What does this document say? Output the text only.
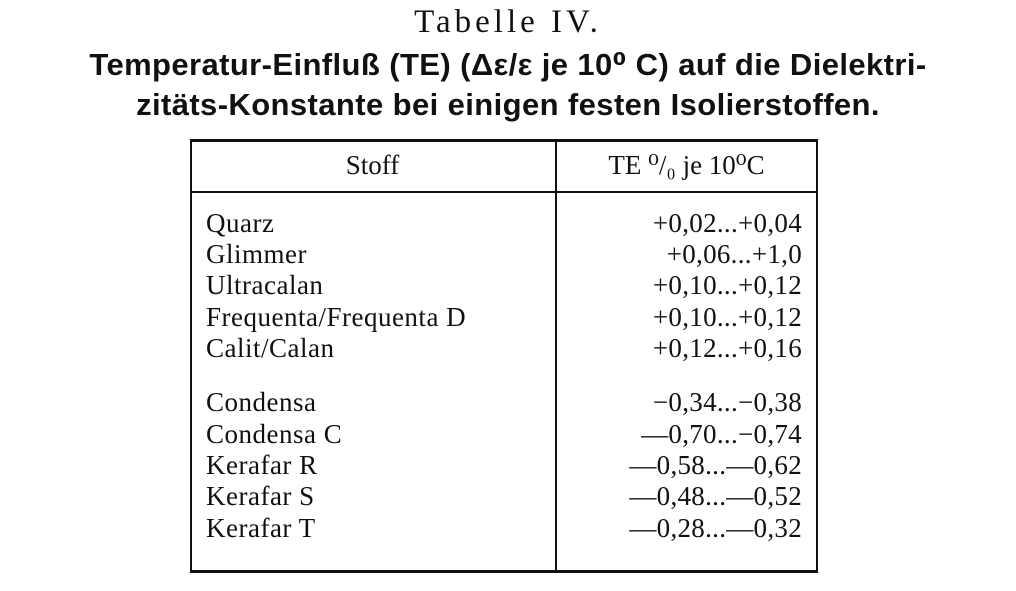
Tabelle IV.
Temperatur-Einfluß (TE) (Δε/ε je 10⁰ C) auf die Dielektri-
zitäts-Konstante bei einigen festen Isolierstoffen.
Stoff	TE ⁰/₀ je 10⁰C
Quarz	+0,02...+0,04
Glimmer	+0,06...+1,0
Ultracalan	+0,10...+0,12
Frequenta/Frequenta D	+0,10...+0,12
Calit/Calan	+0,12...+0,16
Condensa	−0,34...−0,38
Condensa C	—0,70...−0,74
Kerafar R	—0,58...—0,62
Kerafar S	—0,48...—0,52
Kerafar T	—0,28...—0,32
